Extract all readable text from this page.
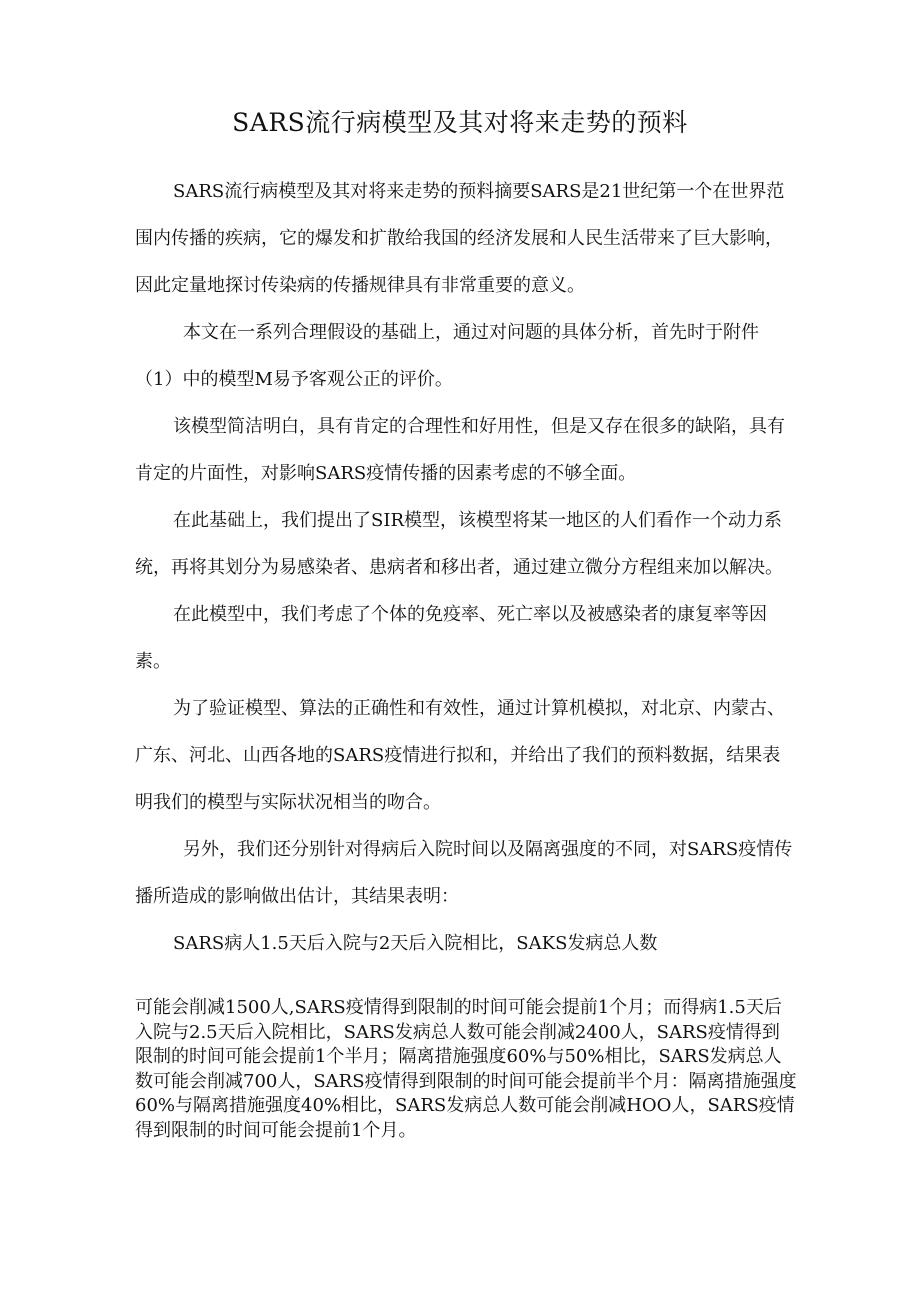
SARS流行病模型及其对将来走势的预料

SARS流行病模型及其对将来走势的预料摘要SARS是21世纪第一个在世界范围内传播的疾病，它的爆发和扩散给我国的经济发展和人民生活带来了巨大影响，因此定量地探讨传染病的传播规律具有非常重要的意义。

本文在一系列合理假设的基础上，通过对问题的具体分析，首先时于附件（1）中的模型M易予客观公正的评价。

该模型简洁明白，具有肯定的合理性和好用性，但是又存在很多的缺陷，具有肯定的片面性，对影响SARS疫情传播的因素考虑的不够全面。

在此基础上，我们提出了SIR模型，该模型将某一地区的人们看作一个动力系统，再将其划分为易感染者、患病者和移出者，通过建立微分方程组来加以解决。

在此模型中，我们考虑了个体的免疫率、死亡率以及被感染者的康复率等因素。

为了验证模型、算法的正确性和有效性，通过计算机模拟，对北京、内蒙古、广东、河北、山西各地的SARS疫情进行拟和，并给出了我们的预料数据，结果表明我们的模型与实际状况相当的吻合。

另外，我们还分别针对得病后入院时间以及隔离强度的不同，对SARS疫情传播所造成的影响做出估计，其结果表明：

SARS病人1.5天后入院与2天后入院相比，SAKS发病总人数

可能会削减1500人,SARS疫情得到限制的时间可能会提前1个月；而得病1.5天后入院与2.5天后入院相比，SARS发病总人数可能会削减2400人，SARS疫情得到限制的时间可能会提前1个半月；隔离措施强度60%与50%相比，SARS发病总人数可能会削减700人，SARS疫情得到限制的时间可能会提前半个月：隔离措施强度60%与隔离措施强度40%相比，SARS发病总人数可能会削减HOO人，SARS疫情得到限制的时间可能会提前1个月。
